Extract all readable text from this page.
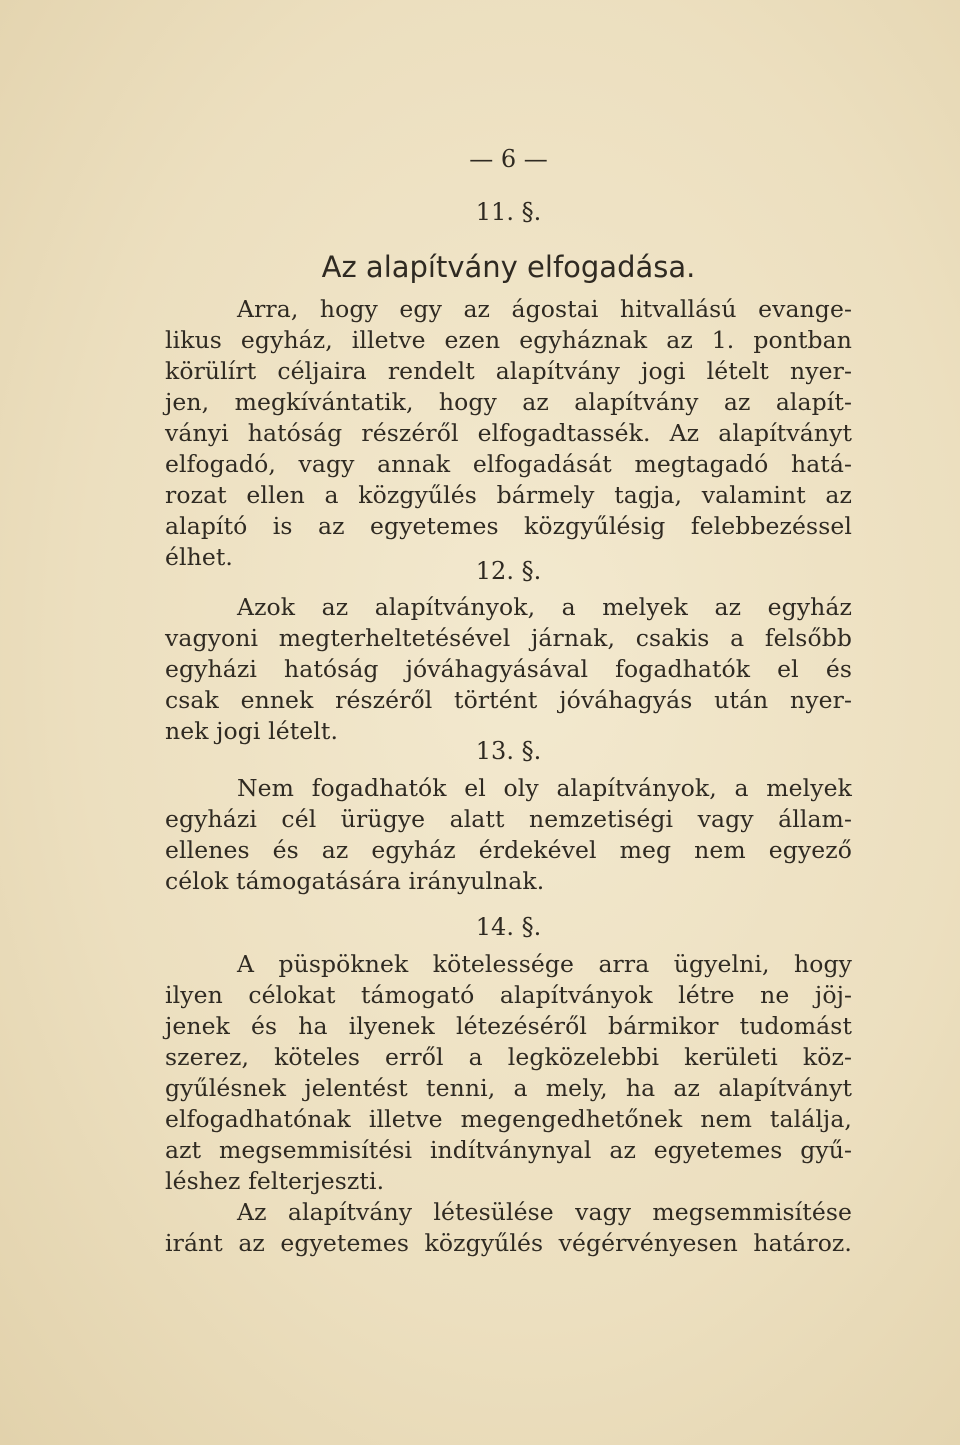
— 6 —
11. §.
Az alapítvány elfogadása.
Arra, hogy egy az ágostai hitvallású evange-
likus egyház, illetve ezen egyháznak az 1. pontban
körülírt céljaira rendelt alapítvány jogi lételt nyer-
jen, megkívántatik, hogy az alapítvány az alapít-
ványi hatóság részéről elfogadtassék. Az alapítványt
elfogadó, vagy annak elfogadását megtagadó hatá-
rozat ellen a közgyűlés bármely tagja, valamint az
alapító is az egyetemes közgyűlésig felebbezéssel
élhet.	12. §.
Azok az alapítványok, a melyek az egyház
vagyoni megterheltetésével járnak, csakis a felsőbb
egyházi hatóság jóváhagyásával fogadhatók el és
csak ennek részéről történt jóváhagyás után nyer-
nek jogi lételt.
13. §.
Nem fogadhatók el oly alapítványok, a melyek
egyházi cél ürügye alatt nemzetiségi vagy állam-
ellenes és az egyház érdekével meg nem egyező
célok támogatására irányulnak.
14. §.
A püspöknek kötelessége arra ügyelni, hogy
ilyen célokat támogató alapítványok létre ne jöj-
jenek és ha ilyenek létezéséről bármikor tudomást
szerez, köteles erről a legközelebbi kerületi köz-
gyűlésnek jelentést tenni, a mely, ha az alapítványt
elfogadhatónak illetve megengedhetőnek nem találja,
azt megsemmisítési indítványnyal az egyetemes gyű-
léshez felterjeszti.
Az alapítvány létesülése vagy megsemmisítése
iránt az egyetemes közgyűlés végérvényesen határoz.
